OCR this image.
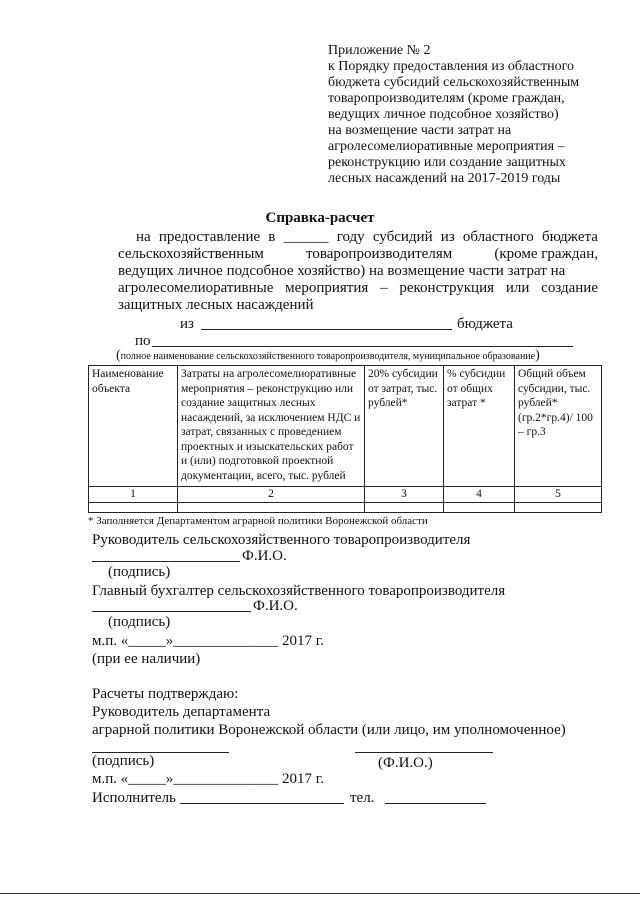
Приложение № 2
к Порядку предоставления из областного
бюджета субсидий сельскохозяйственным
товаропроизводителям (кроме граждан,
ведущих личное подсобное хозяйство)
на возмещение части затрат на
агролесомелиоративные мероприятия –
реконструкцию или создание защитных
лесных насаждений на 2017-2019 годы
Справка-расчет
на предоставление в ______ году субсидий из областного бюджета
сельскохозяйственным	товаропроизводителям	(кроме граждан,
ведущих личное подсобное хозяйство) на возмещение части затрат на
агролесомелиоративные мероприятия – реконструкция или создание
защитных лесных насаждений
из	бюджета
по
(полное наименование сельскохозяйственного товаропроизводителя, муниципальное образование)
Наименование объекта	Затраты на агролесомелиоративные мероприятия – реконструкцию или создание защитных лесных насаждений, за исключением НДС и затрат, связанных с проведением проектных и изыскательских работ и (или) подготовкой проектной документации, всего, тыс. рублей	20% субсидии от затрат, тыс. рублей*	% субсидии от общих затрат *	Общий объем субсидии, тыс. рублей* (гр.2*гр.4)/ 100 – гр.3
1	2	3	4	5

* Заполняется Департаментом аграрной политики Воронежской области
Руководитель сельскохозяйственного товаропроизводителя
Ф.И.О.
(подпись)
Главный бухгалтер сельскохозяйственного товаропроизводителя
Ф.И.О.
(подпись)
м.п. «_____»______________ 2017 г.
(при ее наличии)
Расчеты подтверждаю:
Руководитель департамента
аграрной политики Воронежской области (или лицо, им уполномоченное)
(подпись)	(Ф.И.О.)
м.п. «_____»______________ 2017 г.
Исполнитель	тел.
